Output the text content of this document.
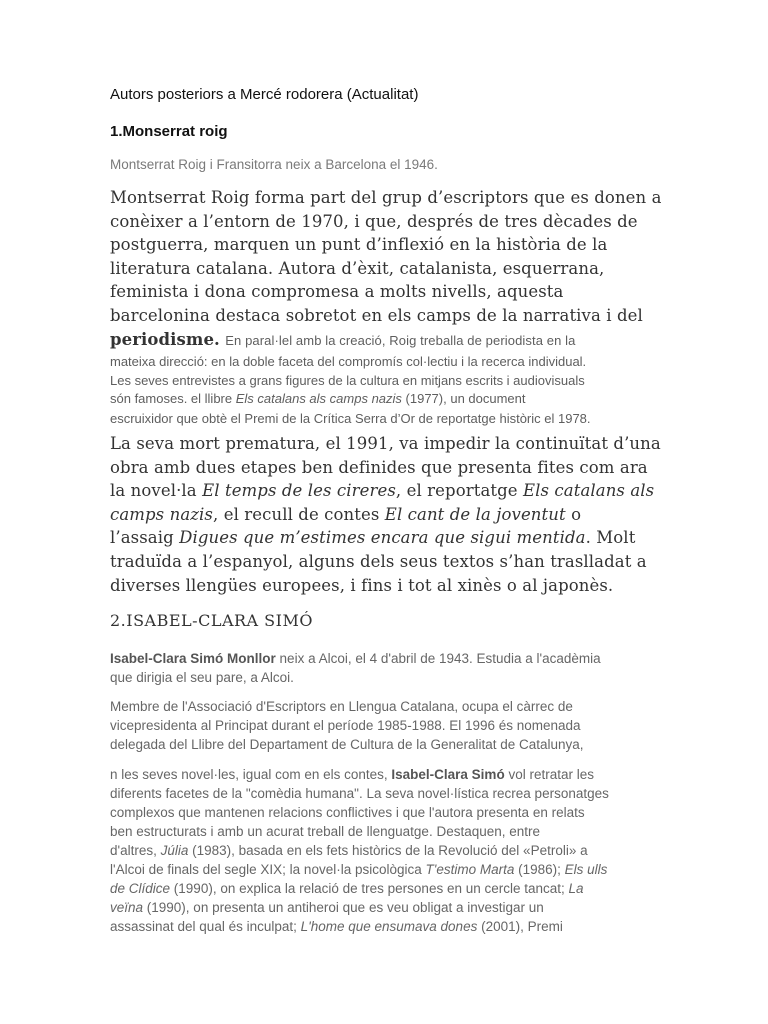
Autors posteriors a Mercé rodorera (Actualitat)
1.Monserrat roig

Montserrat Roig i Fransitorra neix a Barcelona el 1946.

Montserrat Roig forma part del grup d’escriptors que es donen a
conèixer a l’entorn de 1970, i que, després de tres dècades de
postguerra, marquen un punt d’inflexió en la història de la
literatura catalana. Autora d’èxit, catalanista, esquerrana,
feminista i dona compromesa a molts nivells, aquesta
barcelonina destaca sobretot en els camps de la narrativa i del
periodisme. En paral·lel amb la creació, Roig treballa de periodista en la
mateixa direcció: en la doble faceta del compromís col·lectiu i la recerca individual.
Les seves entrevistes a grans figures de la cultura en mitjans escrits i audiovisuals
són famoses. el llibre Els catalans als camps nazis (1977), un document
escruixidor que obtè el Premi de la Crítica Serra d’Or de reportatge històric el 1978.
La seva mort prematura, el 1991, va impedir la continuïtat d’una
obra amb dues etapes ben definides que presenta fites com ara
la novel·la El temps de les cireres, el reportatge Els catalans als
camps nazis, el recull de contes El cant de la joventut o
l’assaig Digues que m’estimes encara que sigui mentida. Molt
traduïda a l’espanyol, alguns dels seus textos s’han traslladat a
diverses llengües europees, i fins i tot al xinès o al japonès.
2.ISABEL-CLARA SIMÓ
Isabel-Clara Simó Monllor neix a Alcoi, el 4 d'abril de 1943. Estudia a l'acadèmia
que dirigia el seu pare, a Alcoi.
Membre de l'Associació d'Escriptors en Llengua Catalana, ocupa el càrrec de
vicepresidenta al Principat durant el període 1985-1988. El 1996 és nomenada
delegada del Llibre del Departament de Cultura de la Generalitat de Catalunya,
n les seves novel·les, igual com en els contes, Isabel-Clara Simó vol retratar les
diferents facetes de la "comèdia humana". La seva novel·lística recrea personatges
complexos que mantenen relacions conflictives i que l'autora presenta en relats
ben estructurats i amb un acurat treball de llenguatge. Destaquen, entre
d'altres, Júlia (1983), basada en els fets històrics de la Revolució del «Petroli» a
l'Alcoi de finals del segle XIX; la novel·la psicològica T'estimo Marta (1986); Els ulls
de Clídice (1990), on explica la relació de tres persones en un cercle tancat; La
veïna (1990), on presenta un antiheroi que es veu obligat a investigar un
assassinat del qual és inculpat; L'home que ensumava dones (2001), Premi
